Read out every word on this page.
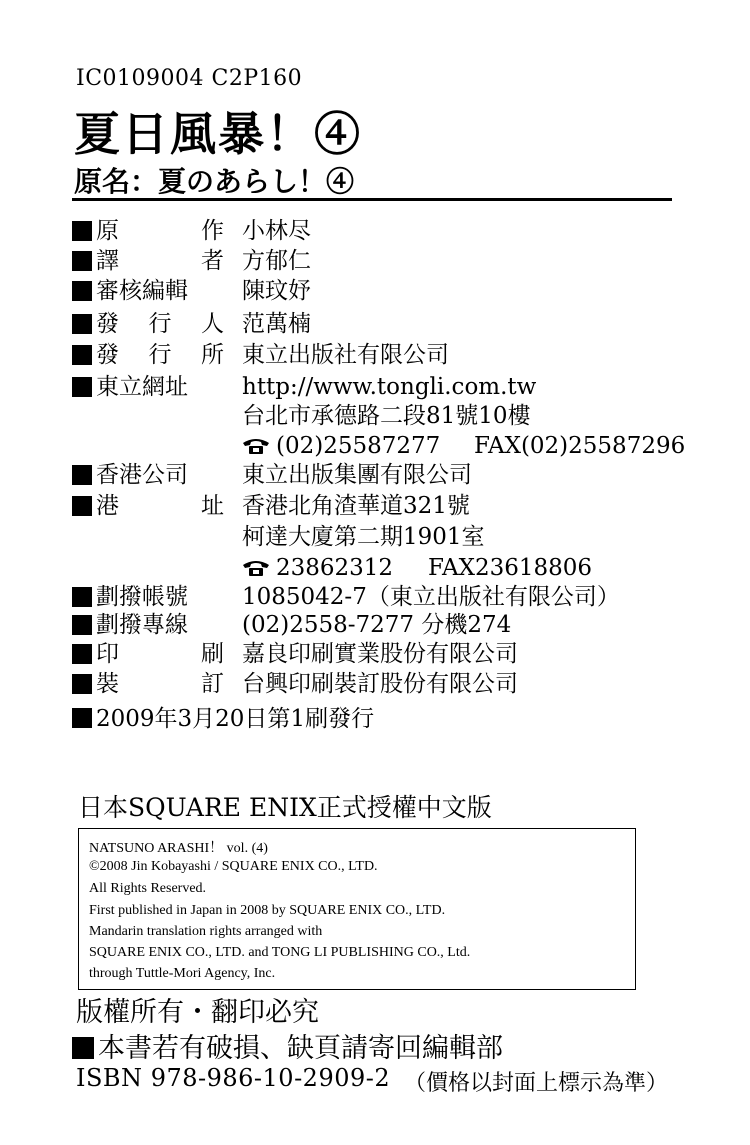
IC0109004 C2P160
夏日風暴！④
原名：夏のあらし！④
原	作 小林尽
譯	者 方郁仁
審核編輯	陳玟妤
發 行 人 范萬楠
發 行 所 東立出版社有限公司
東立網址	http://www.tongli.com.tw
台北市承德路二段81號10樓
(02)25587277 FAX(02)25587296
香港公司	東立出版集團有限公司
港	址 香港北角渣華道321號
柯達大廈第二期1901室
23862312 FAX23618806
劃撥帳號	1085042-7（東立出版社有限公司）
劃撥專線	(02)2558-7277 分機274
印	刷 嘉良印刷實業股份有限公司
裝	訂 台興印刷裝訂股份有限公司
2009年3月20日第1刷發行
日本SQUARE ENIX正式授權中文版
NATSUNO ARASHI！ vol. (4)
©2008 Jin Kobayashi / SQUARE ENIX CO., LTD.
All Rights Reserved.
First published in Japan in 2008 by SQUARE ENIX CO., LTD.
Mandarin translation rights arranged with
SQUARE ENIX CO., LTD. and TONG LI PUBLISHING CO., Ltd.
through Tuttle-Mori Agency, Inc.
版權所有・翻印必究
本書若有破損、缺頁請寄回編輯部
ISBN 978-986-10-2909-2 （價格以封面上標示為準）
